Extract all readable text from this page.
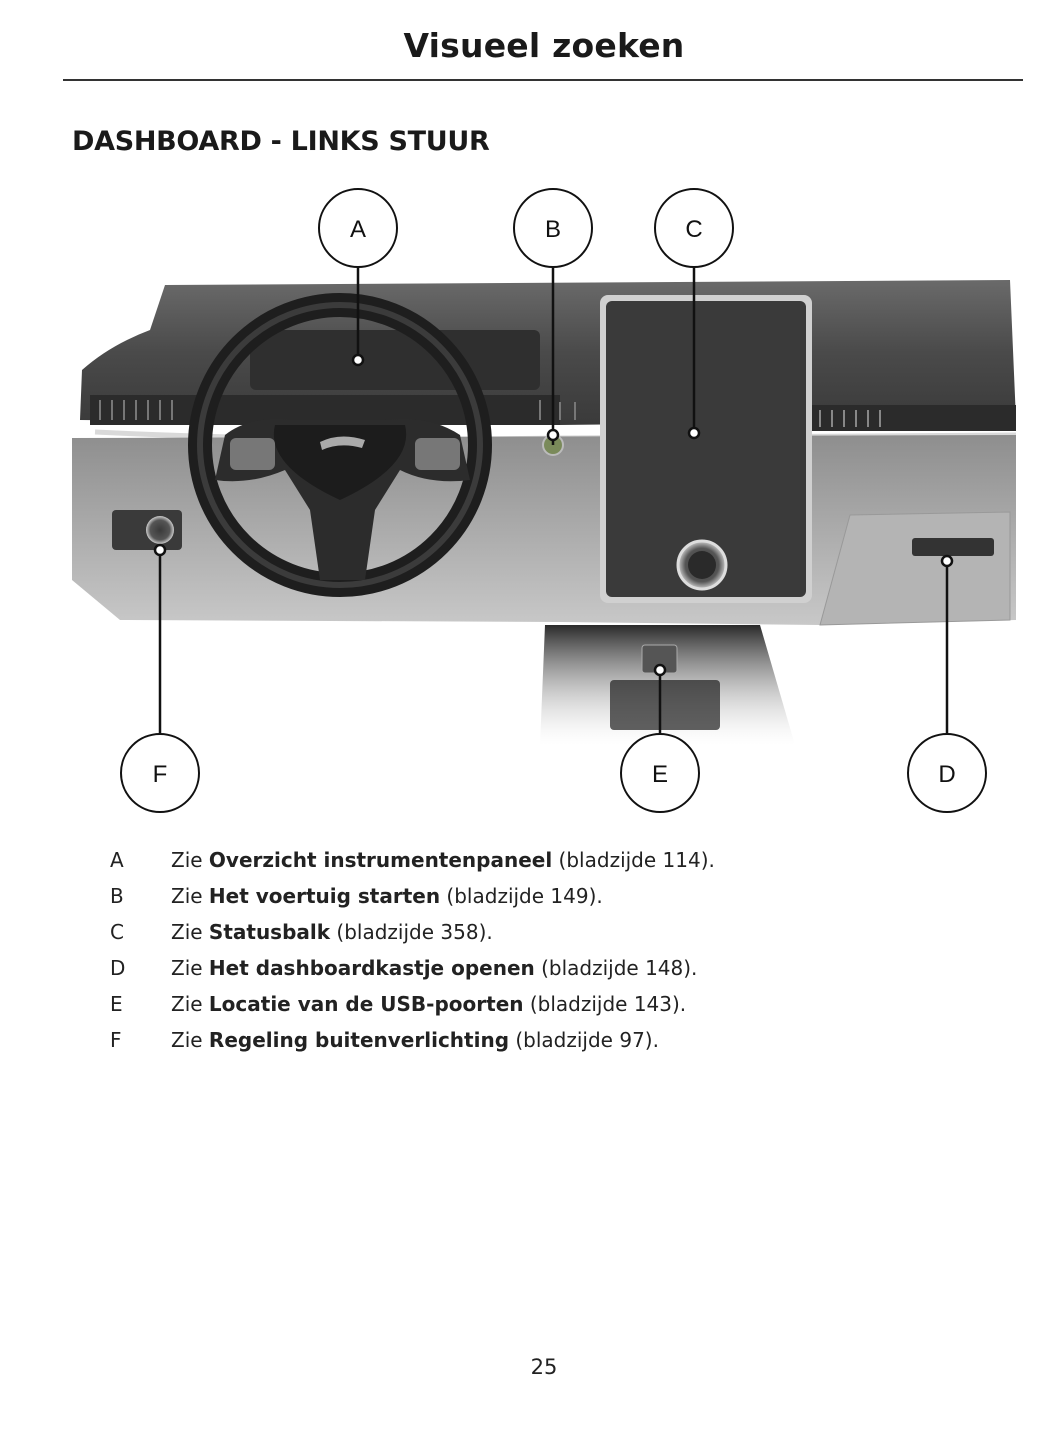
Visueel zoeken
DASHBOARD - LINKS STUUR
A	B	C
F	E	D
A	Zie Overzicht instrumentenpaneel (bladzijde 114).
B	Zie Het voertuig starten (bladzijde 149).
C	Zie Statusbalk (bladzijde 358).
D Zie Het dashboardkastje openen (bladzijde 148).
E	Zie Locatie van de USB-poorten (bladzijde 143).
F	Zie Regeling buitenverlichting (bladzijde 97).
25
